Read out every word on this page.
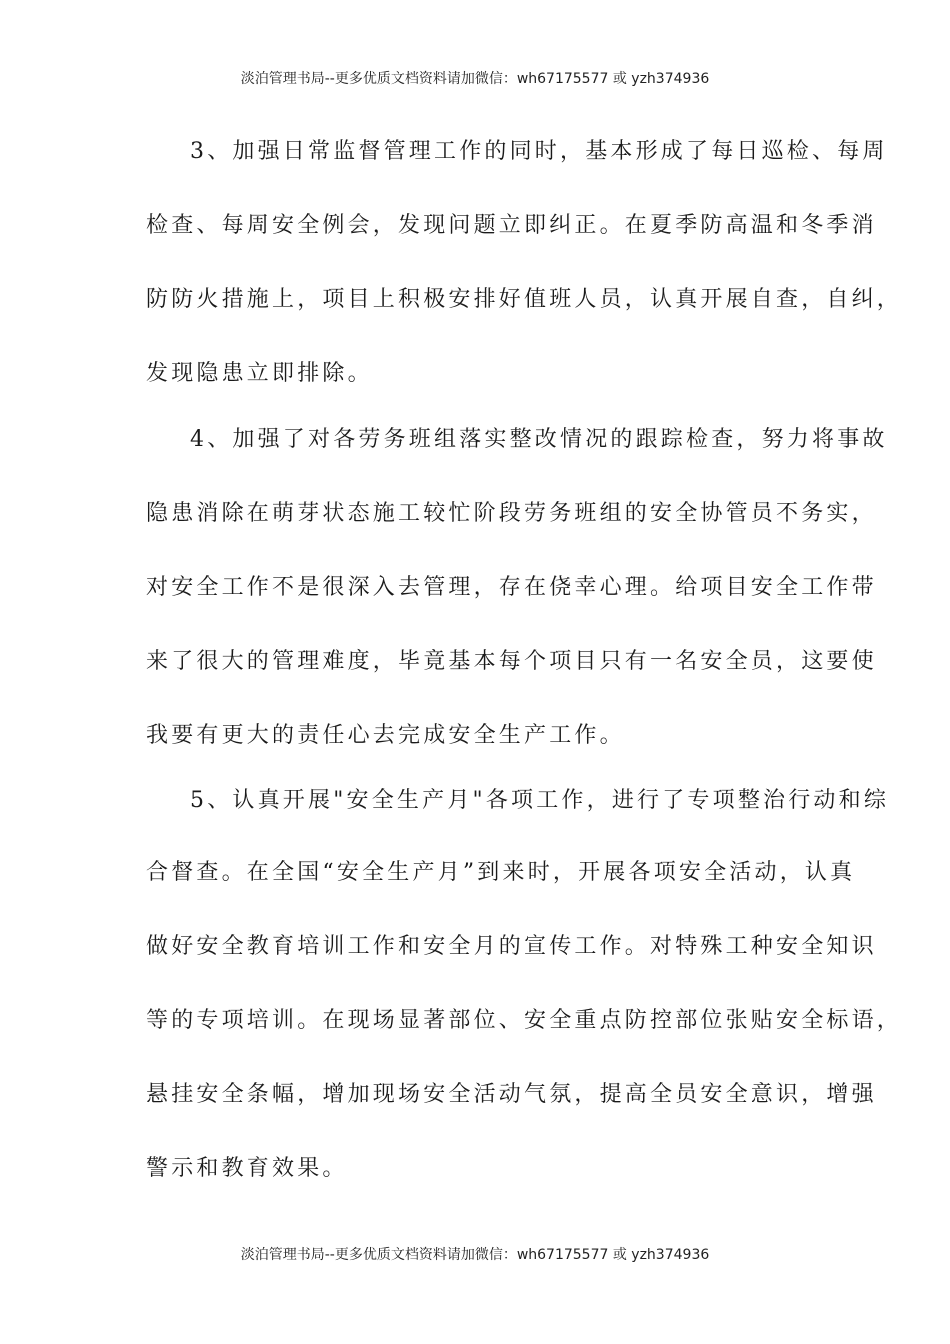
淡泊管理书局--更多优质文档资料请加微信：wh67175577 或 yzh374936
3、加强日常监督管理工作的同时，基本形成了每日巡检、每周
检查、每周安全例会，发现问题立即纠正。在夏季防高温和冬季消
防防火措施上，项目上积极安排好值班人员，认真开展自查，自纠，
发现隐患立即排除。
4、加强了对各劳务班组落实整改情况的跟踪检查，努力将事故
隐患消除在萌芽状态施工较忙阶段劳务班组的安全协管员不务实，
对安全工作不是很深入去管理，存在侥幸心理。给项目安全工作带
来了很大的管理难度，毕竟基本每个项目只有一名安全员，这要使
我要有更大的责任心去完成安全生产工作。
5、认真开展"安全生产月"各项工作，进行了专项整治行动和综
合督查。在全国“安全生产月”到来时，开展各项安全活动，认真
做好安全教育培训工作和安全月的宣传工作。对特殊工种安全知识
等的专项培训。在现场显著部位、安全重点防控部位张贴安全标语，
悬挂安全条幅，增加现场安全活动气氛，提高全员安全意识，增强
警示和教育效果。
淡泊管理书局--更多优质文档资料请加微信：wh67175577 或 yzh374936
